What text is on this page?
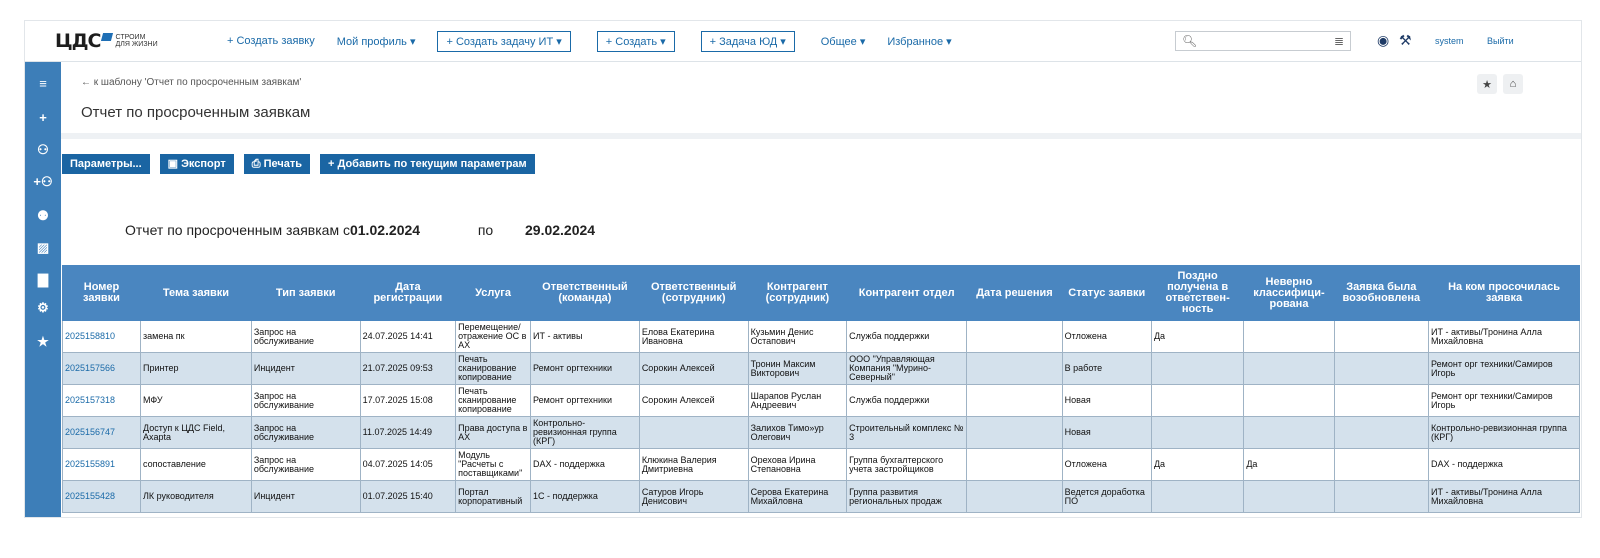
ЦДС СТРОИМ
ДЛЯ ЖИЗНИ	+ Создать заявку Мой профиль ▾	+ Создать задачу ИТ ▾	+ Создать ▾	+ Задача ЮД ▾	Общее ▾ Избранное ▾	🔍︎	≣ ◉ ⚒	system	Выйти
≡
+
⚇
+⚇
⚉
▨
▇
⚙
★
← к шаблону 'Отчет по просроченным заявкам'
Отчет по просроченным заявкам
★	⌂
Параметры...	▣ Экспорт	⎙ Печать	+ Добавить по текущим параметрам
Отчет по просроченным заявкам с01.02.2024	по 29.02.2024
Номер заявки	Тема заявки	Тип заявки	Дата регистрации	Услуга	Ответственный (команда)	Ответственный (сотрудник)	Контрагент (сотрудник)	Контрагент отдел	Дата решения	Статус заявки	Поздно получена в ответствен-ность	Неверно классифици-рована	Заявка была возобновлена	На ком просочилась заявка
2025158810	замена пк	Запрос на обслуживание	24.07.2025 14:41	Перемещение/ отражение ОС в АХ	ИТ - активы	Елова Екатерина Ивановна	Кузьмин Денис Остапович	Служба поддержки		Отложена	Да			ИТ - активы/Тронина Алла Михайловна
2025157566	Принтер	Инцидент	21.07.2025 09:53	Печать сканирование копирование	Ремонт оргтехники	Сорокин Алексей	Тронин Максим Викторович	ООО "Управляющая Компания "Мурино-Северный"		В работе				Ремонт орг техники/Самиров Игорь
2025157318	МФУ	Запрос на обслуживание	17.07.2025 15:08	Печать сканирование копирование	Ремонт оргтехники	Сорокин Алексей	Шарапов Руслан Андреевич	Служба поддержки		Новая				Ремонт орг техники/Самиров Игорь
2025156747	Доступ к ЦДС Field, Axapta	Запрос на обслуживание	11.07.2025 14:49	Права доступа в АХ	Контрольно-ревизионная группа (КРГ)		Залихов Тимо»ур Олегович	Строительный комплекс № 3		Новая				Контрольно-ревизионная группа (КРГ)
2025155891	сопоставление	Запрос на обслуживание	04.07.2025 14:05	Модуль "Расчеты с поставщиками"	DAX - поддержка	Клюкина Валерия Дмитриевна	Орехова Ирина Степановна	Группа бухгалтерского учета застройщиков		Отложена	Да	Да		DAX - поддержка
2025155428	ЛК руководителя	Инцидент	01.07.2025 15:40	Портал корпоративный	1С - поддержка	Сатуров Игорь Денисович	Серова Екатерина Михайловна	Группа развития региональных продаж		Ведется доработка ПО				ИТ - активы/Тронина Алла Михайловна
